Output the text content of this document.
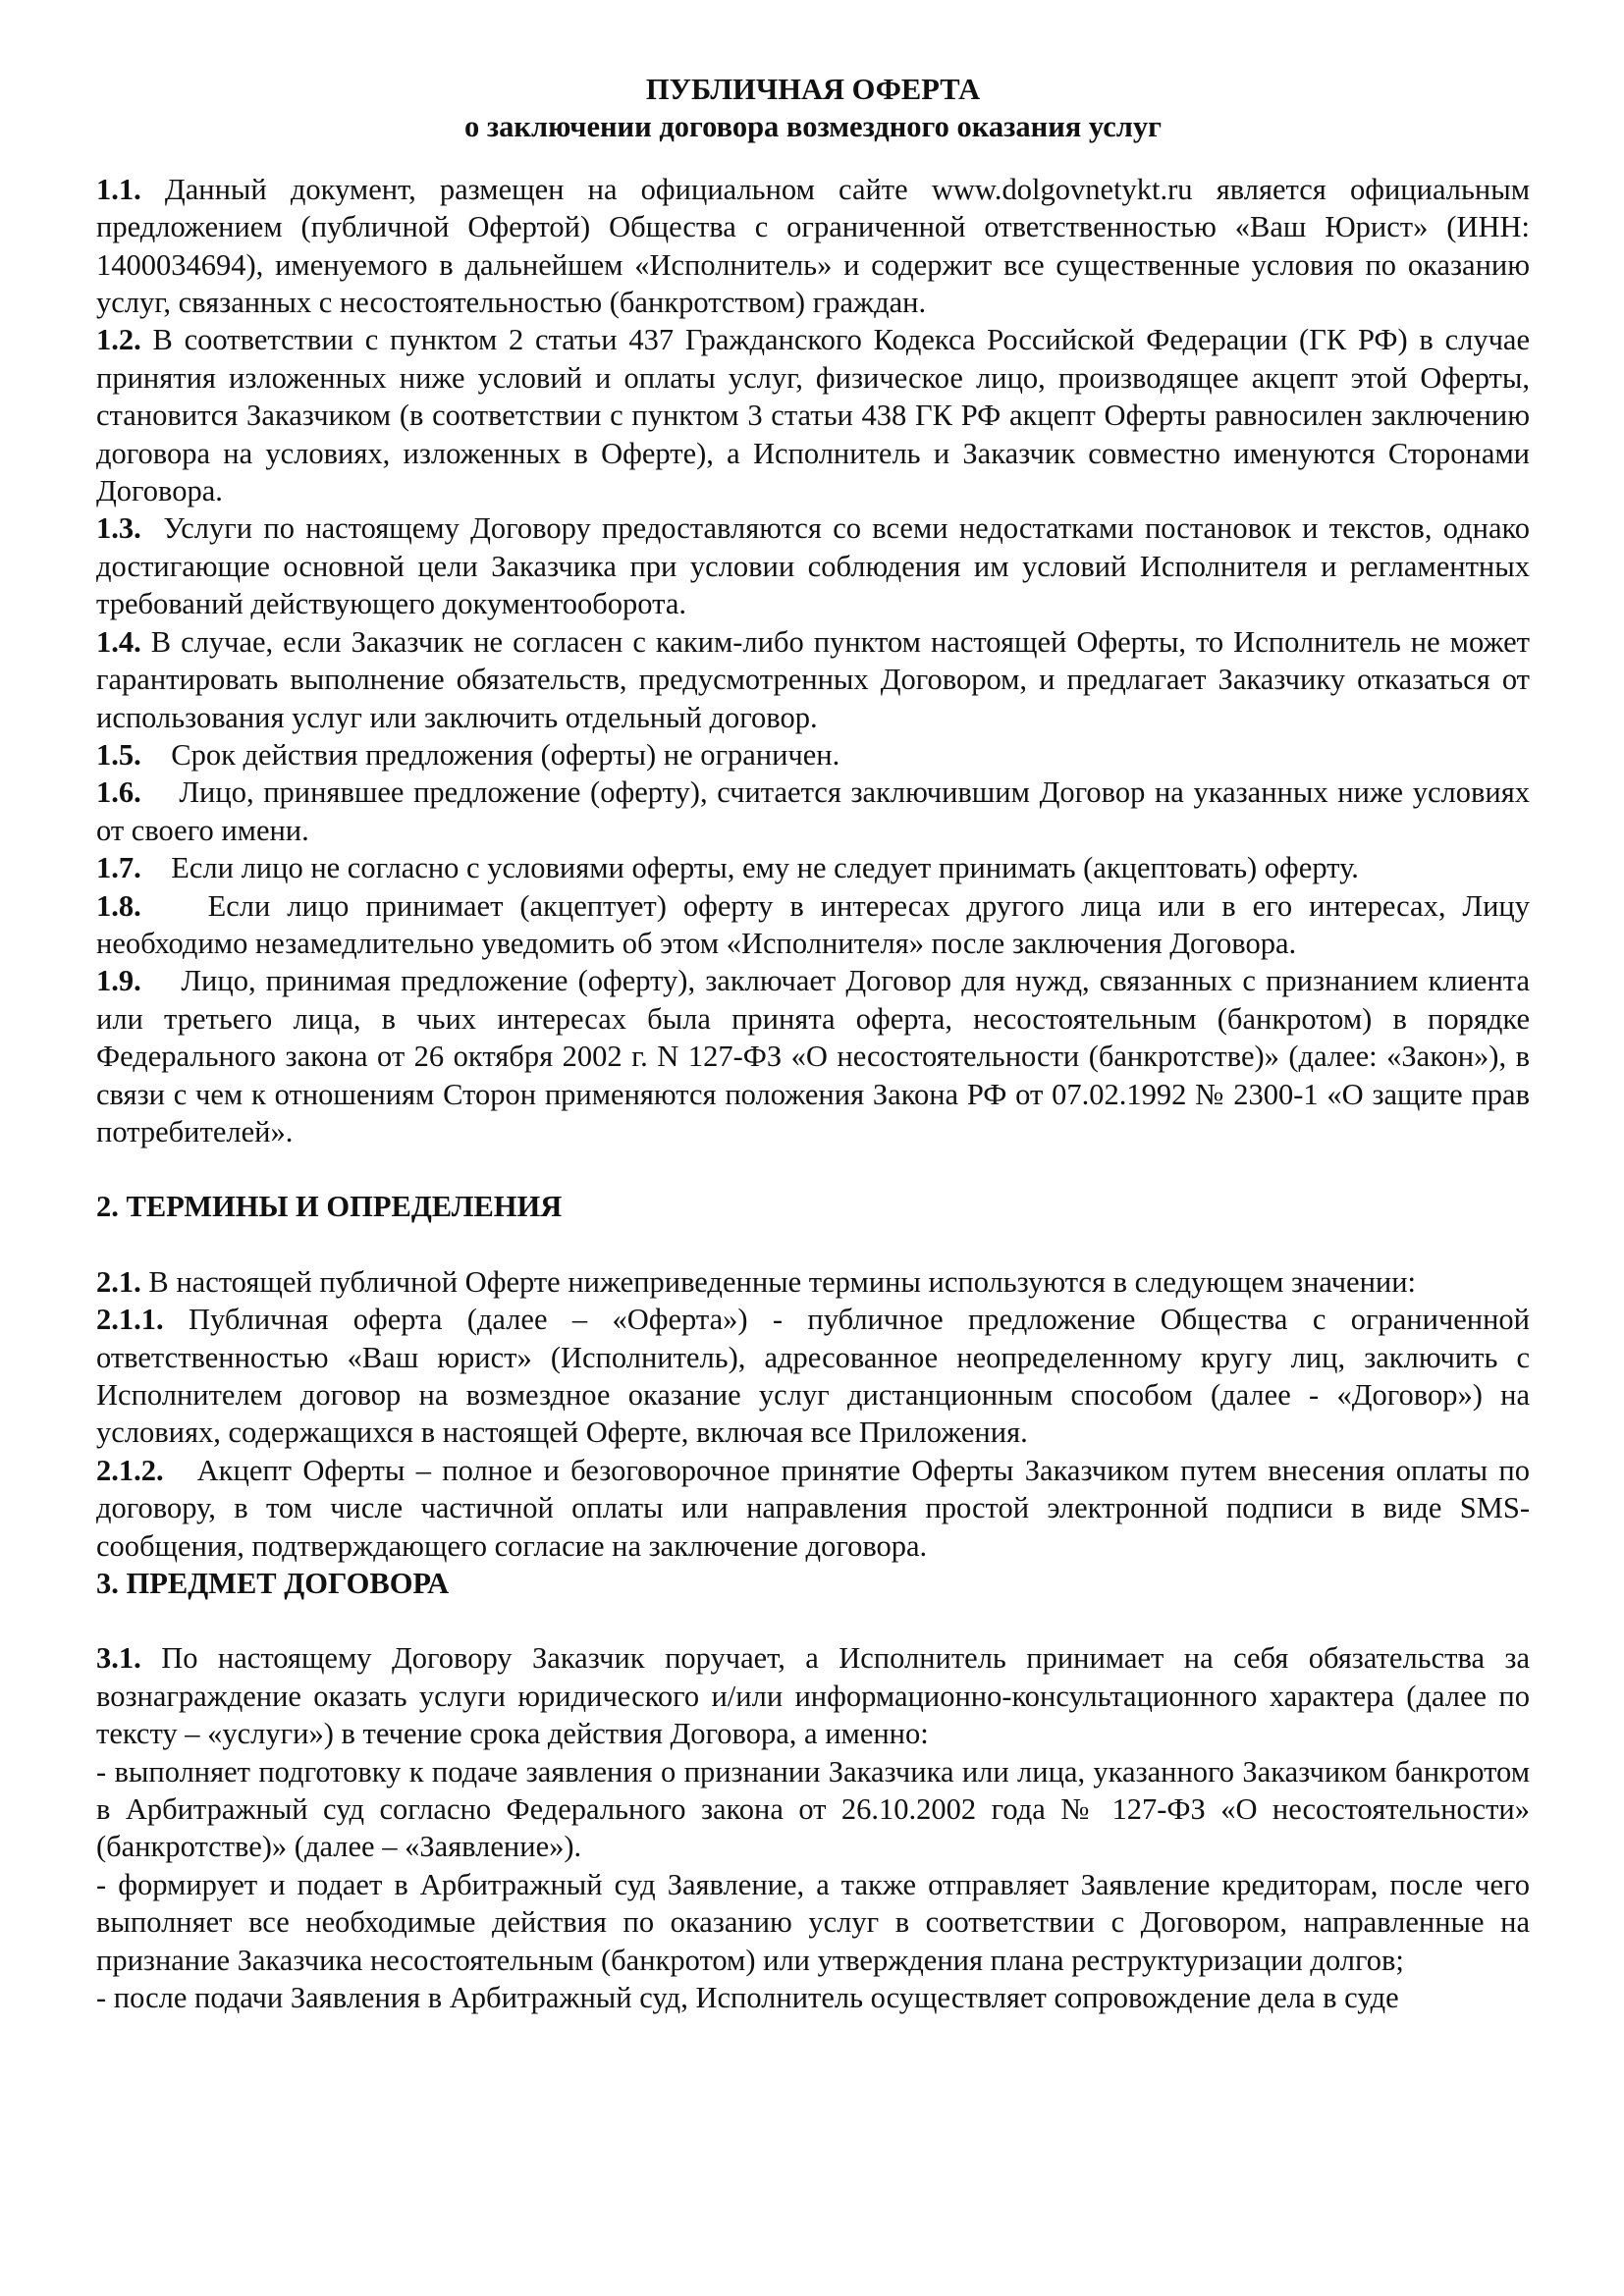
ПУБЛИЧНАЯ ОФЕРТА
о заключении договора возмездного оказания услуг

1.1. Данный документ, размещен на официальном сайте www.dolgovnetykt.ru является официальным предложением (публичной Офертой) Общества с ограниченной ответственностью «Ваш Юрист» (ИНН: 1400034694), именуемого в дальнейшем «Исполнитель» и содержит все существенные условия по оказанию услуг, связанных с несостоятельностью (банкротством) граждан.

1.2. В соответствии с пунктом 2 статьи 437 Гражданского Кодекса Российской Федерации (ГК РФ) в случае принятия изложенных ниже условий и оплаты услуг, физическое лицо, производящее акцепт этой Оферты, становится Заказчиком (в соответствии с пунктом 3 статьи 438 ГК РФ акцепт Оферты равносилен заключению договора на условиях, изложенных в Оферте), а Исполнитель и Заказчик совместно именуются Сторонами Договора.

1.3. Услуги по настоящему Договору предоставляются со всеми недостатками постановок и текстов, однако достигающие основной цели Заказчика при условии соблюдения им условий Исполнителя и регламентных требований действующего документооборота.

1.4. В случае, если Заказчик не согласен с каким-либо пунктом настоящей Оферты, то Исполнитель не может гарантировать выполнение обязательств, предусмотренных Договором, и предлагает Заказчику отказаться от использования услуг или заключить отдельный договор.

1.5. Срок действия предложения (оферты) не ограничен.

1.6. Лицо, принявшее предложение (оферту), считается заключившим Договор на указанных ниже условиях от своего имени.

1.7. Если лицо не согласно с условиями оферты, ему не следует принимать (акцептовать) оферту.

1.8. Если лицо принимает (акцептует) оферту в интересах другого лица или в его интересах, Лицу необходимо незамедлительно уведомить об этом «Исполнителя» после заключения Договора.

1.9. Лицо, принимая предложение (оферту), заключает Договор для нужд, связанных с признанием клиента или третьего лица, в чьих интересах была принята оферта, несостоятельным (банкротом) в порядке Федерального закона от 26 октября 2002 г. N 127-ФЗ «О несостоятельности (банкротстве)» (далее: «Закон»), в связи с чем к отношениям Сторон применяются положения Закона РФ от 07.02.1992 № 2300-1 «О защите прав потребителей».

2. ТЕРМИНЫ И ОПРЕДЕЛЕНИЯ

2.1. В настоящей публичной Оферте нижеприведенные термины используются в следующем значении:

2.1.1. Публичная оферта (далее – «Оферта») - публичное предложение Общества с ограниченной ответственностью «Ваш юрист» (Исполнитель), адресованное неопределенному кругу лиц, заключить с Исполнителем договор на возмездное оказание услуг дистанционным способом (далее - «Договор») на условиях, содержащихся в настоящей Оферте, включая все Приложения.

2.1.2. Акцепт Оферты – полное и безоговорочное принятие Оферты Заказчиком путем внесения оплаты по договору, в том числе частичной оплаты или направления простой электронной подписи в виде SMS-сообщения, подтверждающего согласие на заключение договора.

3. ПРЕДМЕТ ДОГОВОРА

3.1. По настоящему Договору Заказчик поручает, а Исполнитель принимает на себя обязательства за вознаграждение оказать услуги юридического и/или информационно-консультационного характера (далее по тексту – «услуги») в течение срока действия Договора, а именно:

- выполняет подготовку к подаче заявления о признании Заказчика или лица, указанного Заказчиком банкротом в Арбитражный суд согласно Федерального закона от 26.10.2002 года № 127-ФЗ «О несостоятельности» (банкротстве)» (далее – «Заявление»).

- формирует и подает в Арбитражный суд Заявление, а также отправляет Заявление кредиторам, после чего выполняет все необходимые действия по оказанию услуг в соответствии с Договором, направленные на признание Заказчика несостоятельным (банкротом) или утверждения плана реструктуризации долгов;

- после подачи Заявления в Арбитражный суд, Исполнитель осуществляет сопровождение дела в суде
